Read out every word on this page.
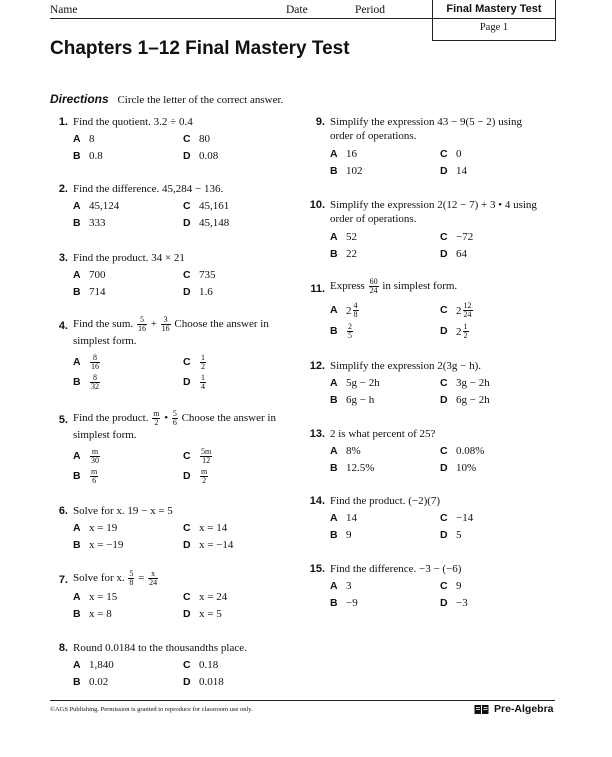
Name	Date	Period	Final Mastery Test
Page 1
Chapters 1–12 Final Mastery Test
Directions Circle the letter of the correct answer.
1. Find the quotient. 3.2 ÷ 0.4
A 8	C 80
B 0.8	D 0.08
2. Find the difference. 45,284 − 136.
A 45,124	C 45,161
B 333	D 45,148
3. Find the product. 34 × 21
A 700	C 735
B 714	D 1.6
4. Find the sum. $\frac{5}{16} + \frac{3}{16}$ Choose the answer in
simplest form.
A $\frac{8}{16}$	C $\frac{1}{2}$
B $\frac{8}{32}$	D $\frac{1}{4}$
5. Find the product. $\frac{m}{2}$ • $\frac{5}{6}$ Choose the answer in
simplest form.
A $\frac{m}{30}$	C $\frac{5m}{12}$
B $\frac{m}{6}$	D $\frac{m}{2}$
6. Solve for x. 19 − x = 5
A x = 19	C x = 14
B x = −19	D x = −14
7. Solve for x. $\frac{5}{8} = \frac{x}{24}$
A x = 15	C x = 24
B x = 8	D x = 5
8. Round 0.0184 to the thousandths place.
A 1,840	C 0.18
B 0.02	D 0.018
9. Simplify the expression 43 − 9(5 − 2) using
order of operations.
A 16	C 0
B 102	D 14
10. Simplify the expression 2(12 − 7) + 3 • 4 using
order of operations.
A 52	C −72
B 22	D 64
11. Express $\frac{60}{24}$ in simplest form.
A $2 \frac{4}{8}$	C $2 \frac{12}{24}$
B $\frac{2}{5}$	D $2 \frac{1}{2}$
12. Simplify the expression 2(3g − h).
A 5g − 2h	C 3g − 2h
B 6g − h	D 6g − 2h
13. 2 is what percent of 25?
A 8%	C 0.08%
B 12.5%	D 10%
14. Find the product. (−2)(7)
A 14	C −14
B 9	D 5
15. Find the difference. −3 − (−6)
A 3	C 9
B −9	D −3
©AGS Publishing. Permission is granted to reproduce for classroom use only.	Pre-Algebra
